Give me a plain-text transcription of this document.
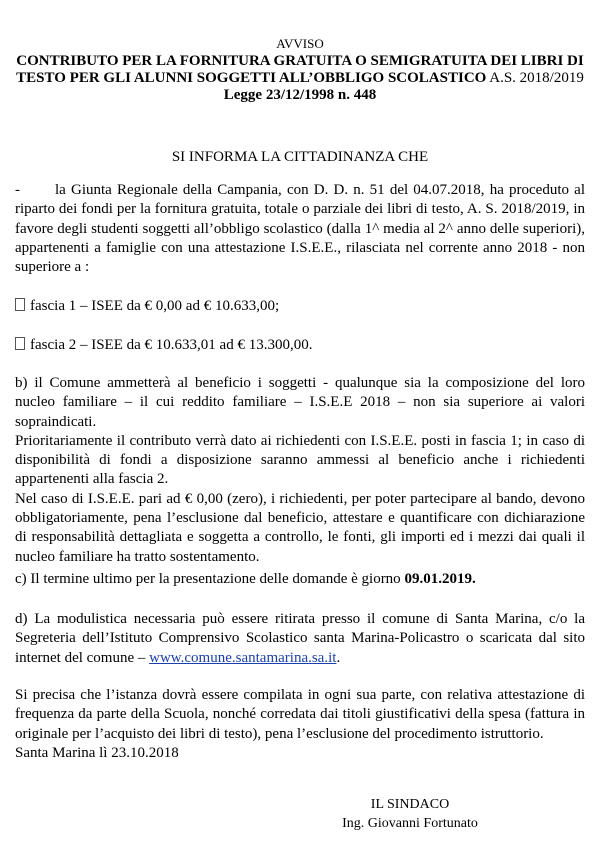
AVVISO
CONTRIBUTO PER LA FORNITURA GRATUITA O SEMIGRATUITA DEI LIBRI DI TESTO PER GLI ALUNNI SOGGETTI ALL’OBBLIGO SCOLASTICO A.S. 2018/2019
Legge 23/12/1998 n. 448
SI INFORMA LA CITTADINANZA CHE
- la Giunta Regionale della Campania, con D. D. n. 51 del 04.07.2018, ha proceduto al riparto dei fondi per la fornitura gratuita, totale o parziale dei libri di testo, A. S. 2018/2019, in favore degli studenti soggetti all’obbligo scolastico (dalla 1^ media al 2^ anno delle superiori), appartenenti a famiglie con una attestazione I.S.E.E., rilasciata nel corrente anno 2018 - non superiore a :
fascia 1 – ISEE da € 0,00 ad € 10.633,00;
fascia 2 – ISEE da € 10.633,01 ad € 13.300,00.
b) il Comune ammetterà al beneficio i soggetti - qualunque sia la composizione del loro nucleo familiare – il cui reddito familiare – I.S.E.E 2018 – non sia superiore ai valori sopraindicati.
Prioritariamente il contributo verrà dato ai richiedenti con I.S.E.E. posti in fascia 1; in caso di disponibilità di fondi a disposizione saranno ammessi al beneficio anche i richiedenti appartenenti alla fascia 2.
Nel caso di I.S.E.E. pari ad € 0,00 (zero), i richiedenti, per poter partecipare al bando, devono obbligatoriamente, pena l’esclusione dal beneficio, attestare e quantificare con dichiarazione di responsabilità dettagliata e soggetta a controllo, le fonti, gli importi ed i mezzi dai quali il nucleo familiare ha tratto sostentamento.
c) Il termine ultimo per la presentazione delle domande è giorno 09.01.2019.
d) La modulistica necessaria può essere ritirata presso il comune di Santa Marina, c/o la Segreteria dell’Istituto Comprensivo Scolastico santa Marina-Policastro o scaricata dal sito internet del comune – www.comune.santamarina.sa.it.
Si precisa che l’istanza dovrà essere compilata in ogni sua parte, con relativa attestazione di frequenza da parte della Scuola, nonché corredata dai titoli giustificativi della spesa (fattura in originale per l’acquisto dei libri di testo), pena l’esclusione del procedimento istruttorio.
Santa Marina lì 23.10.2018
IL SINDACO
Ing. Giovanni Fortunato
